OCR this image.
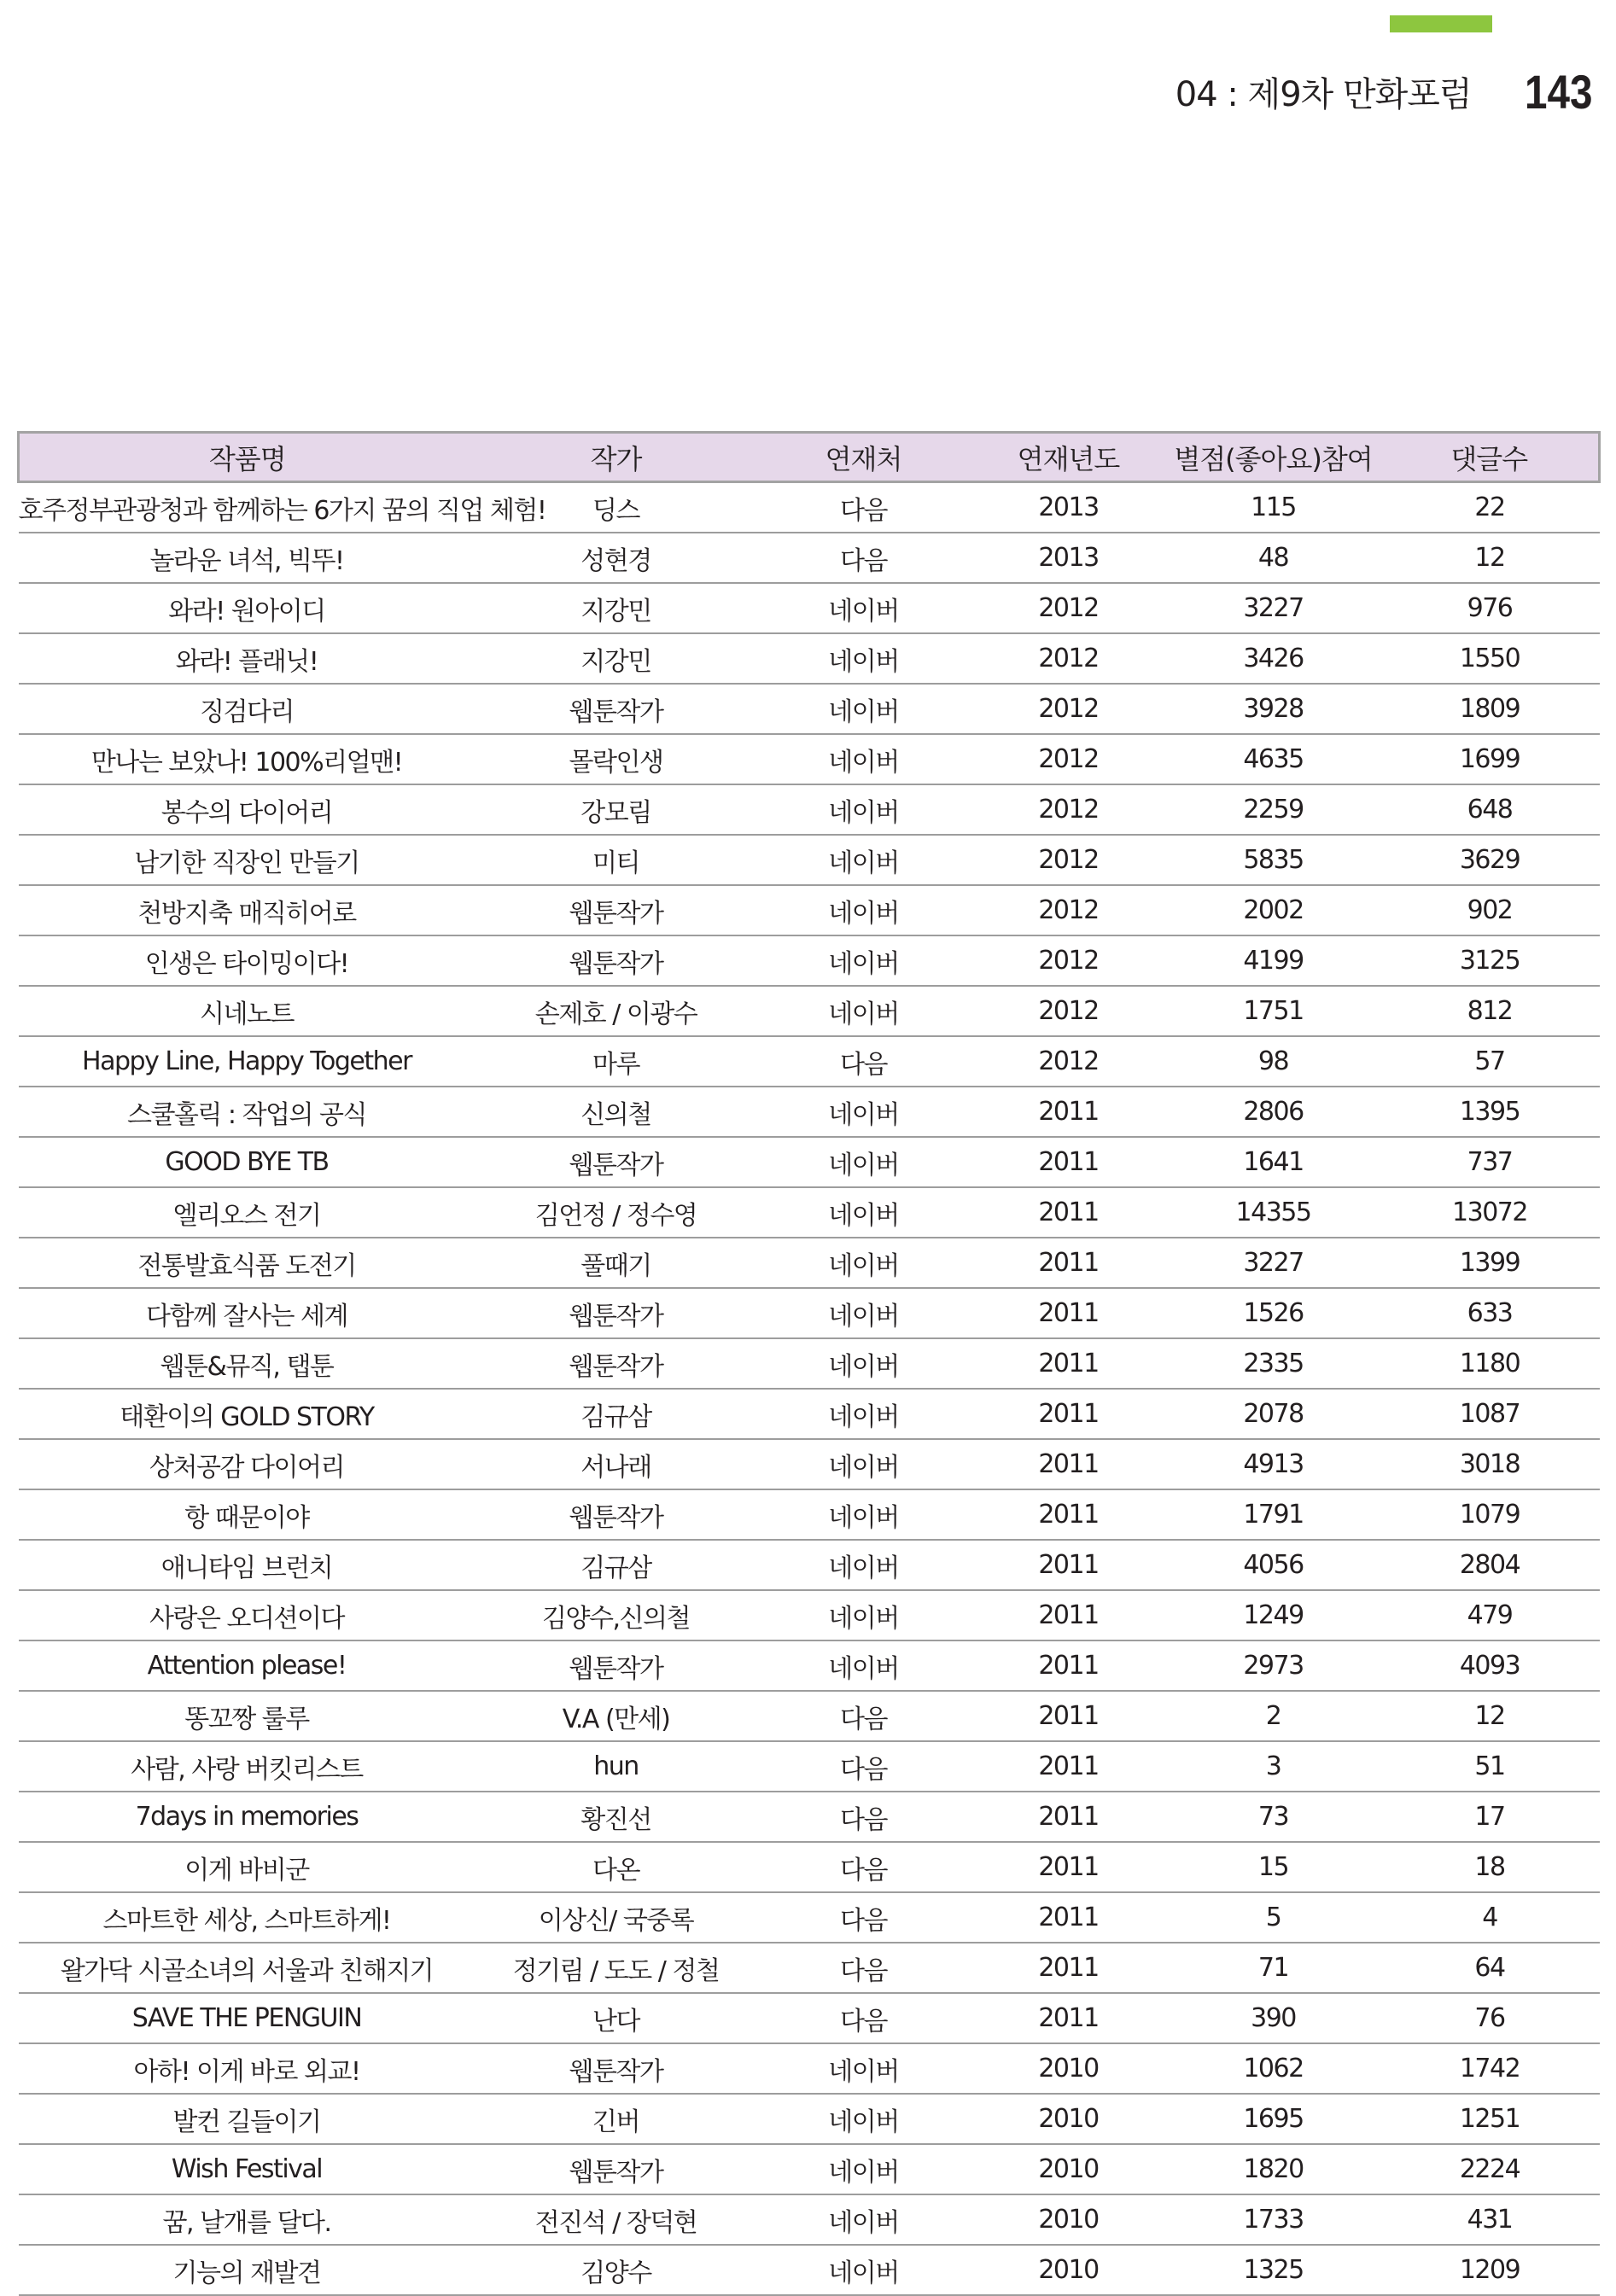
04 : 제9차 만화포럼 143
작품명	작가	연재처	연재년도	별점(좋아요)참여	댓글수
호주정부관광청과 함께하는 6가지 꿈의 직업 체험!	딩스	다음	2013	115	22
놀라운 녀석, 빅뚜!	성현경	다음	2013	48	12
와라! 원아이디	지강민	네이버	2012	3227	976
와라! 플래닛!	지강민	네이버	2012	3426	1550
징검다리	웹툰작가	네이버	2012	3928	1809
만나는 보았나! 100%리얼맨!	몰락인생	네이버	2012	4635	1699
봉수의 다이어리	강모림	네이버	2012	2259	648
남기한 직장인 만들기	미티	네이버	2012	5835	3629
천방지축 매직히어로	웹툰작가	네이버	2012	2002	902
인생은 타이밍이다!	웹툰작가	네이버	2012	4199	3125
시네노트	손제호 / 이광수	네이버	2012	1751	812
Happy Line, Happy Together	마루	다음	2012	98	57
스쿨홀릭 : 작업의 공식	신의철	네이버	2011	2806	1395
GOOD BYE TB	웹툰작가	네이버	2011	1641	737
엘리오스 전기	김언정 / 정수영	네이버	2011	14355	13072
전통발효식품 도전기	풀때기	네이버	2011	3227	1399
다함께 잘사는 세계	웹툰작가	네이버	2011	1526	633
웹툰&뮤직, 탭툰	웹툰작가	네이버	2011	2335	1180
태환이의 GOLD STORY	김규삼	네이버	2011	2078	1087
상처공감 다이어리	서나래	네이버	2011	4913	3018
항 때문이야	웹툰작가	네이버	2011	1791	1079
애니타임 브런치	김규삼	네이버	2011	4056	2804
사랑은 오디션이다	김양수,신의철	네이버	2011	1249	479
Attention please!	웹툰작가	네이버	2011	2973	4093
똥꼬짱 룰루	V.A (만세)	다음	2011	2	12
사람, 사랑 버킷리스트	hun	다음	2011	3	51
7days in memories	황진선	다음	2011	73	17
이게 바비군	다온	다음	2011	15	18
스마트한 세상, 스마트하게!	이상신/ 국중록	다음	2011	5	4
왈가닥 시골소녀의 서울과 친해지기	정기림 / 도도 / 정철	다음	2011	71	64
SAVE THE PENGUIN	난다	다음	2011	390	76
아하! 이게 바로 외교!	웹툰작가	네이버	2010	1062	1742
발컨 길들이기	긴버	네이버	2010	1695	1251
Wish Festival	웹툰작가	네이버	2010	1820	2224
꿈, 날개를 달다.	전진석 / 장덕현	네이버	2010	1733	431
기능의 재발견	김양수	네이버	2010	1325	1209
